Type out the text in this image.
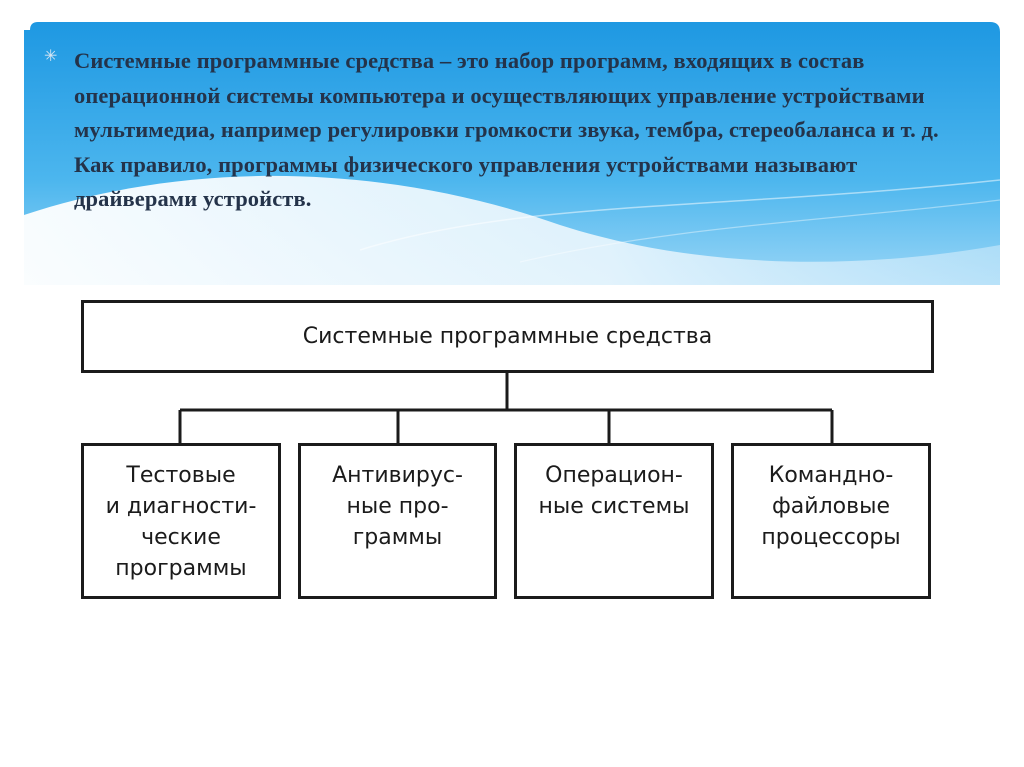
✳ Системные программные средства – это набор программ, входящих в состав операционной системы компьютера и осуществляющих управление устройствами мультимедиа, например регулировки громкости звука, тембра, стереобаланса и т. д. Как правило, программы физического управления устройствами называют драйверами устройств.

Системные программные средства
Тестовые
и диагности-
ческие
программы
Антивирус-
ные про-
граммы
Операцион-
ные системы
Командно-
файловые
процессоры
